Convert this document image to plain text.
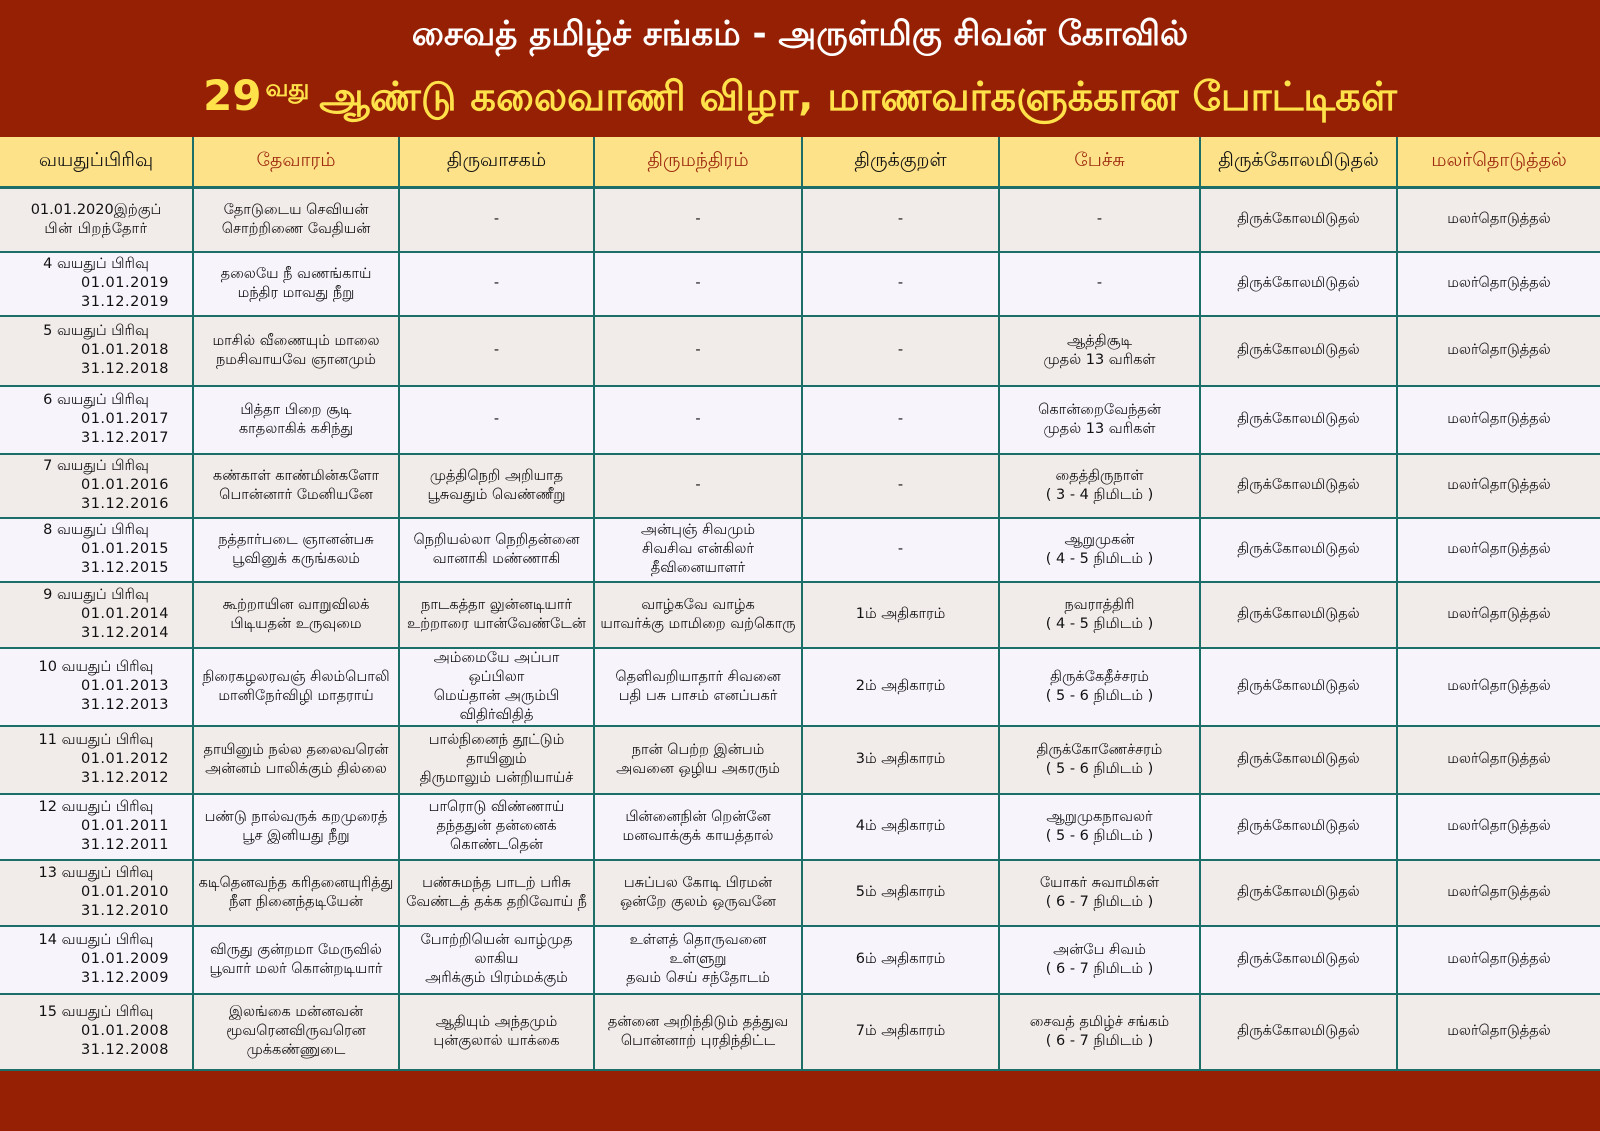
சைவத் தமிழ்ச் சங்கம் - அருள்மிகு சிவன் கோவில்
29 $^{வது}$ ஆண்டு கலைவாணி விழா, மாணவர்களுக்கான போட்டிகள்
வயதுப்பிரிவு	தேவாரம்	திருவாசகம்	திருமந்திரம்	திருக்குறள்	பேச்சு	திருக்கோலமிடுதல்	மலர்தொடுத்தல்

01.01.2020இற்குப்
பின் பிறந்தோர்	தோடுடைய செவியன்
சொற்றிணை வேதியன்	-	-	-	-	திருக்கோலமிடுதல்	மலர்தொடுத்தல்

4 வயதுப் பிரிவு
01.01.2019
31.12.2019	தலையே நீ வணங்காய்
மந்திர மாவது நீறு	-	-	-	-	திருக்கோலமிடுதல்	மலர்தொடுத்தல்

5 வயதுப் பிரிவு
01.01.2018
31.12.2018	மாசில் வீணையும் மாலை
நமசிவாயவே ஞானமும்	-	-	-	ஆத்திசூடி
முதல் 13 வரிகள்	திருக்கோலமிடுதல்	மலர்தொடுத்தல்

6 வயதுப் பிரிவு
01.01.2017
31.12.2017	பித்தா பிறை சூடி
காதலாகிக் கசிந்து	-	-	-	கொன்றைவேந்தன்
முதல் 13 வரிகள்	திருக்கோலமிடுதல்	மலர்தொடுத்தல்

7 வயதுப் பிரிவு
01.01.2016
31.12.2016	கண்காள் காண்மின்களோ
பொன்னார் மேனியனே	முத்திநெறி அறியாத
பூசுவதும் வெண்ணீறு	-	-	தைத்திருநாள்
( 3 - 4 நிமிடம் )	திருக்கோலமிடுதல்	மலர்தொடுத்தல்

8 வயதுப் பிரிவு
01.01.2015
31.12.2015	நத்தார்படை ஞானன்பசு
பூவினுக் கருங்கலம்	நெறியல்லா நெறிதன்னை
வானாகி மண்ணாகி	அன்புஞ் சிவமும்
சிவசிவ என்கிலர் தீவினையாளர்	-	ஆறுமுகன்
( 4 - 5 நிமிடம் )	திருக்கோலமிடுதல்	மலர்தொடுத்தல்

9 வயதுப் பிரிவு
01.01.2014
31.12.2014	கூற்றாயின வாறுவிலக்
பிடியதன் உருவுமை	நாடகத்தா லுன்னடியார்
உற்றாரை யான்வேண்டேன்	வாழ்கவே வாழ்க
யாவர்க்கு மாமிறை வற்கொரு	1ம் அதிகாரம்	நவராத்திரி
( 4 - 5 நிமிடம் )	திருக்கோலமிடுதல்	மலர்தொடுத்தல்

10 வயதுப் பிரிவு
01.01.2013
31.12.2013	நிரைகழலரவஞ் சிலம்பொலி
மானிநேர்விழி மாதராய்	அம்மையே அப்பா ஒப்பிலா
மெய்தான் அரும்பி விதிர்விதித்	தெளிவறியாதார் சிவனை
பதி பசு பாசம் எனப்பகர்	2ம் அதிகாரம்	திருக்கேதீச்சரம்
( 5 - 6 நிமிடம் )	திருக்கோலமிடுதல்	மலர்தொடுத்தல்

11 வயதுப் பிரிவு
01.01.2012
31.12.2012	தாயினும் நல்ல தலைவரென்
அன்னம் பாலிக்கும் தில்லை	பால்நினைந் தூட்டும் தாயினும்
திருமாலும் பன்றியாய்ச்	நான் பெற்ற இன்பம்
அவனை ஒழிய அகரரும்	3ம் அதிகாரம்	திருக்கோணேச்சரம்
( 5 - 6 நிமிடம் )	திருக்கோலமிடுதல்	மலர்தொடுத்தல்

12 வயதுப் பிரிவு
01.01.2011
31.12.2011	பண்டு நால்வருக் கறமுரைத்
பூச இனியது நீறு	பாரொடு விண்ணாய்
தந்ததுன் தன்னைக் கொண்டதென்	பின்னைநின் றென்னே
மனவாக்குக் காயத்தால்	4ம் அதிகாரம்	ஆறுமுகநாவலர்
( 5 - 6 நிமிடம் )	திருக்கோலமிடுதல்	மலர்தொடுத்தல்

13 வயதுப் பிரிவு
01.01.2010
31.12.2010	கடிதெனவந்த கரிதனையுரித்து
நீள நினைந்தடியேன்	பண்சுமந்த பாடற் பரிசு
வேண்டத் தக்க தறிவோய் நீ	பசுப்பல கோடி பிரமன்
ஒன்றே குலம் ஒருவனே	5ம் அதிகாரம்	யோகர் சுவாமிகள்
( 6 - 7 நிமிடம் )	திருக்கோலமிடுதல்	மலர்தொடுத்தல்

14 வயதுப் பிரிவு
01.01.2009
31.12.2009	விருது குன்றமா மேருவில்
பூவார் மலர் கொன்றடியார்	போற்றியென் வாழ்முத லாகிய
அரிக்கும் பிரம்மக்கும்	உள்ளத் தொருவனை உள்ளுறு
தவம் செய் சந்தோடம்	6ம் அதிகாரம்	அன்பே சிவம்
( 6 - 7 நிமிடம் )	திருக்கோலமிடுதல்	மலர்தொடுத்தல்

15 வயதுப் பிரிவு
01.01.2008
31.12.2008	இலங்கை மன்னவன்
மூவரெனவிருவரென முக்கண்ணுடை	ஆதியும் அந்தமும்
புன்குலால் யாக்கை	தன்னை அறிந்திடும் தத்துவ
பொன்னாற் புரதிந்திட்ட	7ம் அதிகாரம்	சைவத் தமிழ்ச் சங்கம்
( 6 - 7 நிமிடம் )	திருக்கோலமிடுதல்	மலர்தொடுத்தல்
